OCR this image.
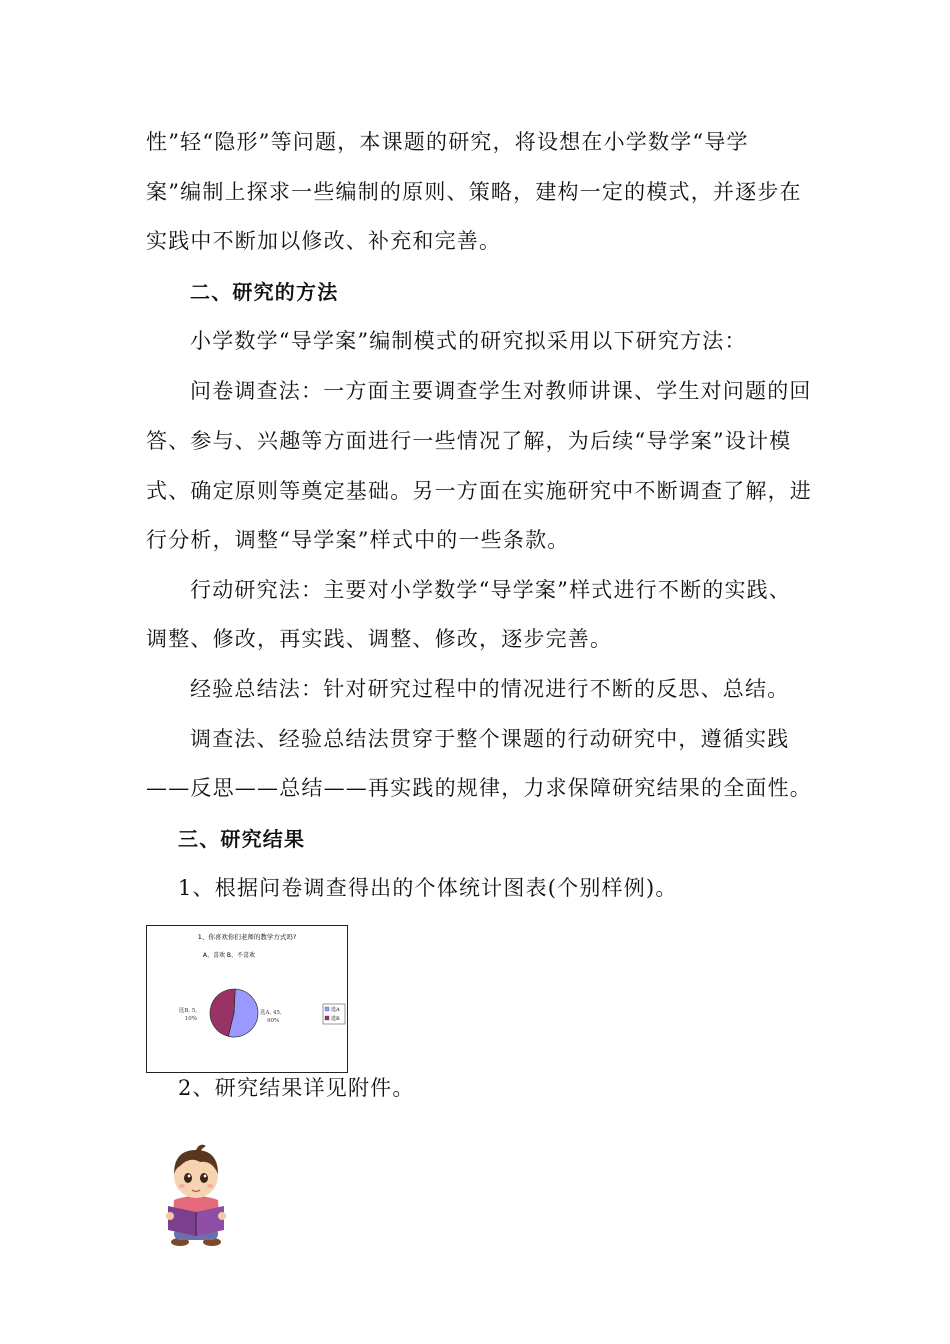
性”轻“隐形”等问题，本课题的研究，将设想在小学数学“导学
案”编制上探求一些编制的原则、策略，建构一定的模式，并逐步在
实践中不断加以修改、补充和完善。
二、研究的方法
小学数学“导学案”编制模式的研究拟采用以下研究方法：
问卷调查法：一方面主要调查学生对教师讲课、学生对问题的回
答、参与、兴趣等方面进行一些情况了解，为后续“导学案”设计模
式、确定原则等奠定基础。另一方面在实施研究中不断调查了解，进
行分析，调整“导学案”样式中的一些条款。
行动研究法：主要对小学数学“导学案”样式进行不断的实践、
调整、修改，再实践、调整、修改，逐步完善。
经验总结法：针对研究过程中的情况进行不断的反思、总结。
调查法、经验总结法贯穿于整个课题的行动研究中，遵循实践
——反思——总结——再实践的规律，力求保障研究结果的全面性。
三、研究结果
1、根据问卷调查得出的个体统计图表(个别样例)。
1、你喜欢你们老师的教学方式吗?
A、喜欢 B、不喜欢
选B, 5,
10%
选A, 45,
90%
选A
选B
2、研究结果详见附件。
